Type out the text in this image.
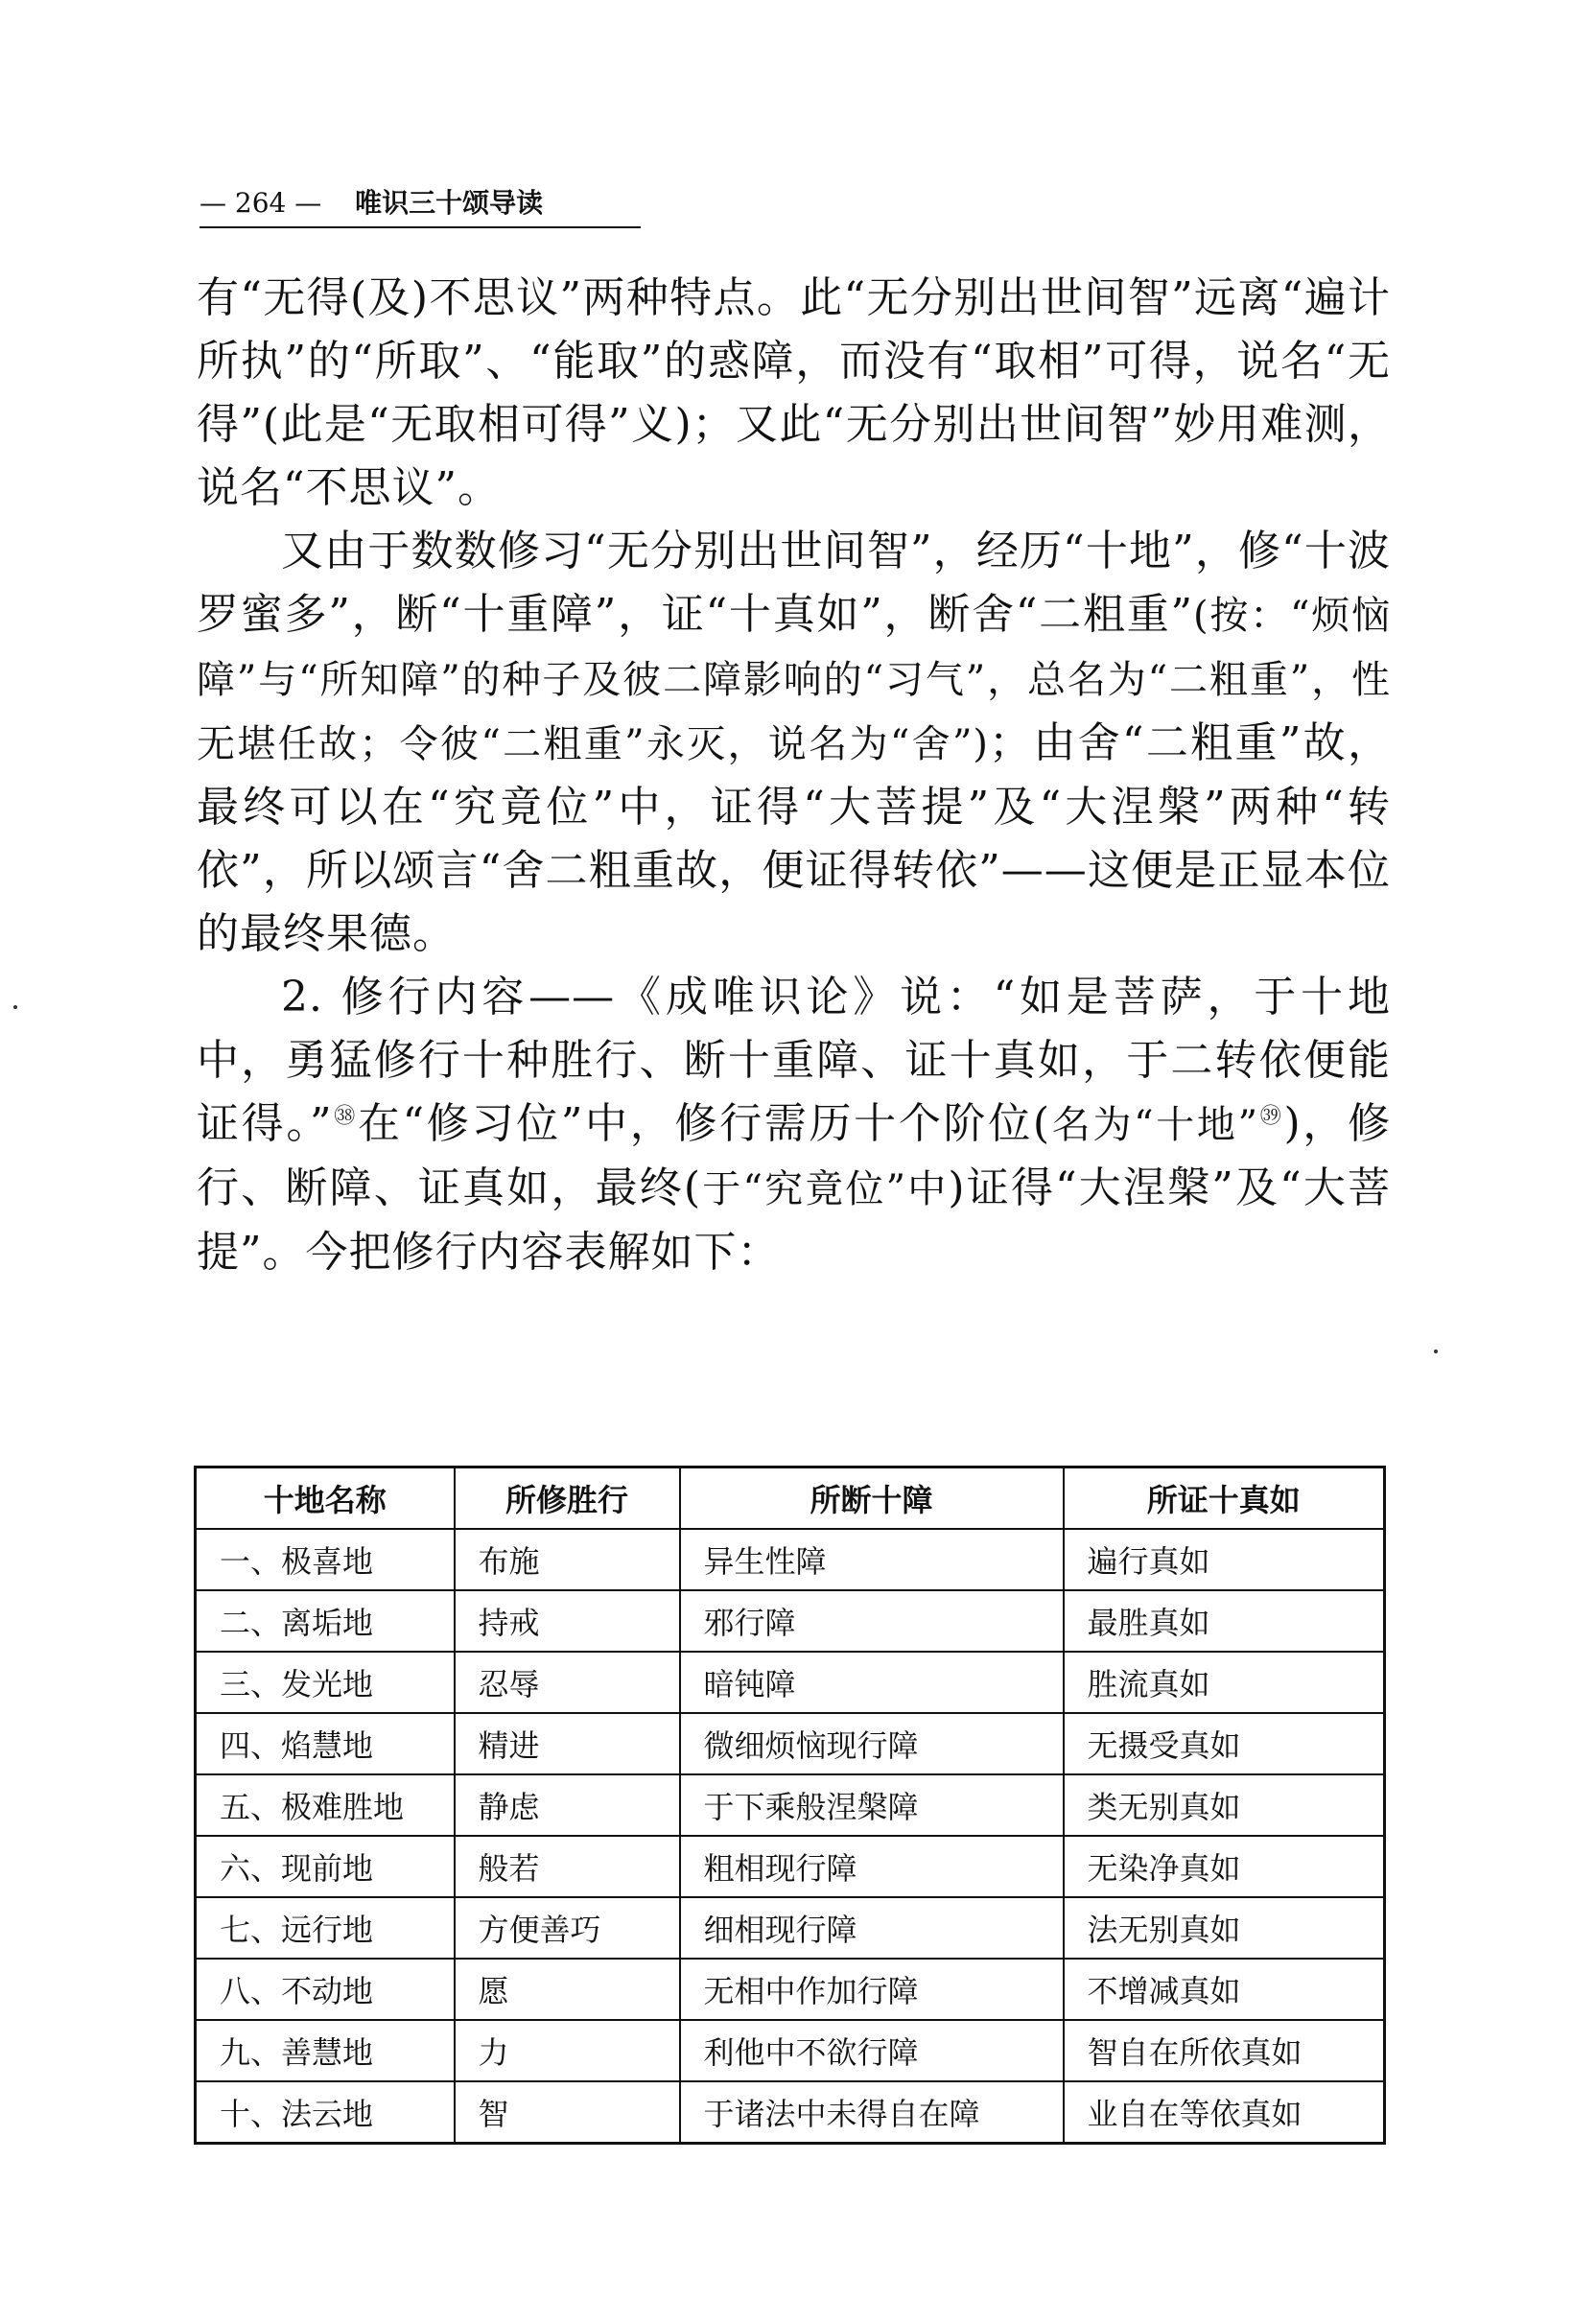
— 264 — 唯识三十颂导读

有“无得(及)不思议”两种特点。此“无分别出世间智”远离“遍计所执”的“所取”、“能取”的惑障，而没有“取相”可得，说名“无得”(此是“无取相可得”义)；又此“无分别出世间智”妙用难测，说名“不思议”。

又由于数数修习“无分别出世间智”，经历“十地”，修“十波罗蜜多”，断“十重障”，证“十真如”，断舍“二粗重”(按：“烦恼障”与“所知障”的种子及彼二障影响的“习气”，总名为“二粗重”，性无堪任故；令彼“二粗重”永灭，说名为“舍”)；由舍“二粗重”故，最终可以在“究竟位”中，证得“大菩提”及“大涅槃”两种“转依”，所以颂言“舍二粗重故，便证得转依”——这便是正显本位的最终果德。

2. 修行内容——《成唯识论》说：“如是菩萨，于十地中，勇猛修行十种胜行、断十重障、证十真如，于二转依便能证得。”$^㊳$在“修习位”中，修行需历十个阶位(名为“十地”$^㊴$)，修行、断障、证真如，最终(于“究竟位”中)证得“大涅槃”及“大菩提”。今把修行内容表解如下：

十地名称	所修胜行	所断十障	所证十真如
一、极喜地	布施	异生性障	遍行真如
二、离垢地	持戒	邪行障	最胜真如
三、发光地	忍辱	暗钝障	胜流真如
四、焰慧地	精进	微细烦恼现行障	无摄受真如
五、极难胜地	静虑	于下乘般涅槃障	类无别真如
六、现前地	般若	粗相现行障	无染净真如
七、远行地	方便善巧	细相现行障	法无别真如
八、不动地	愿	无相中作加行障	不增减真如
九、善慧地	力	利他中不欲行障	智自在所依真如
十、法云地	智	于诸法中未得自在障	业自在等依真如
